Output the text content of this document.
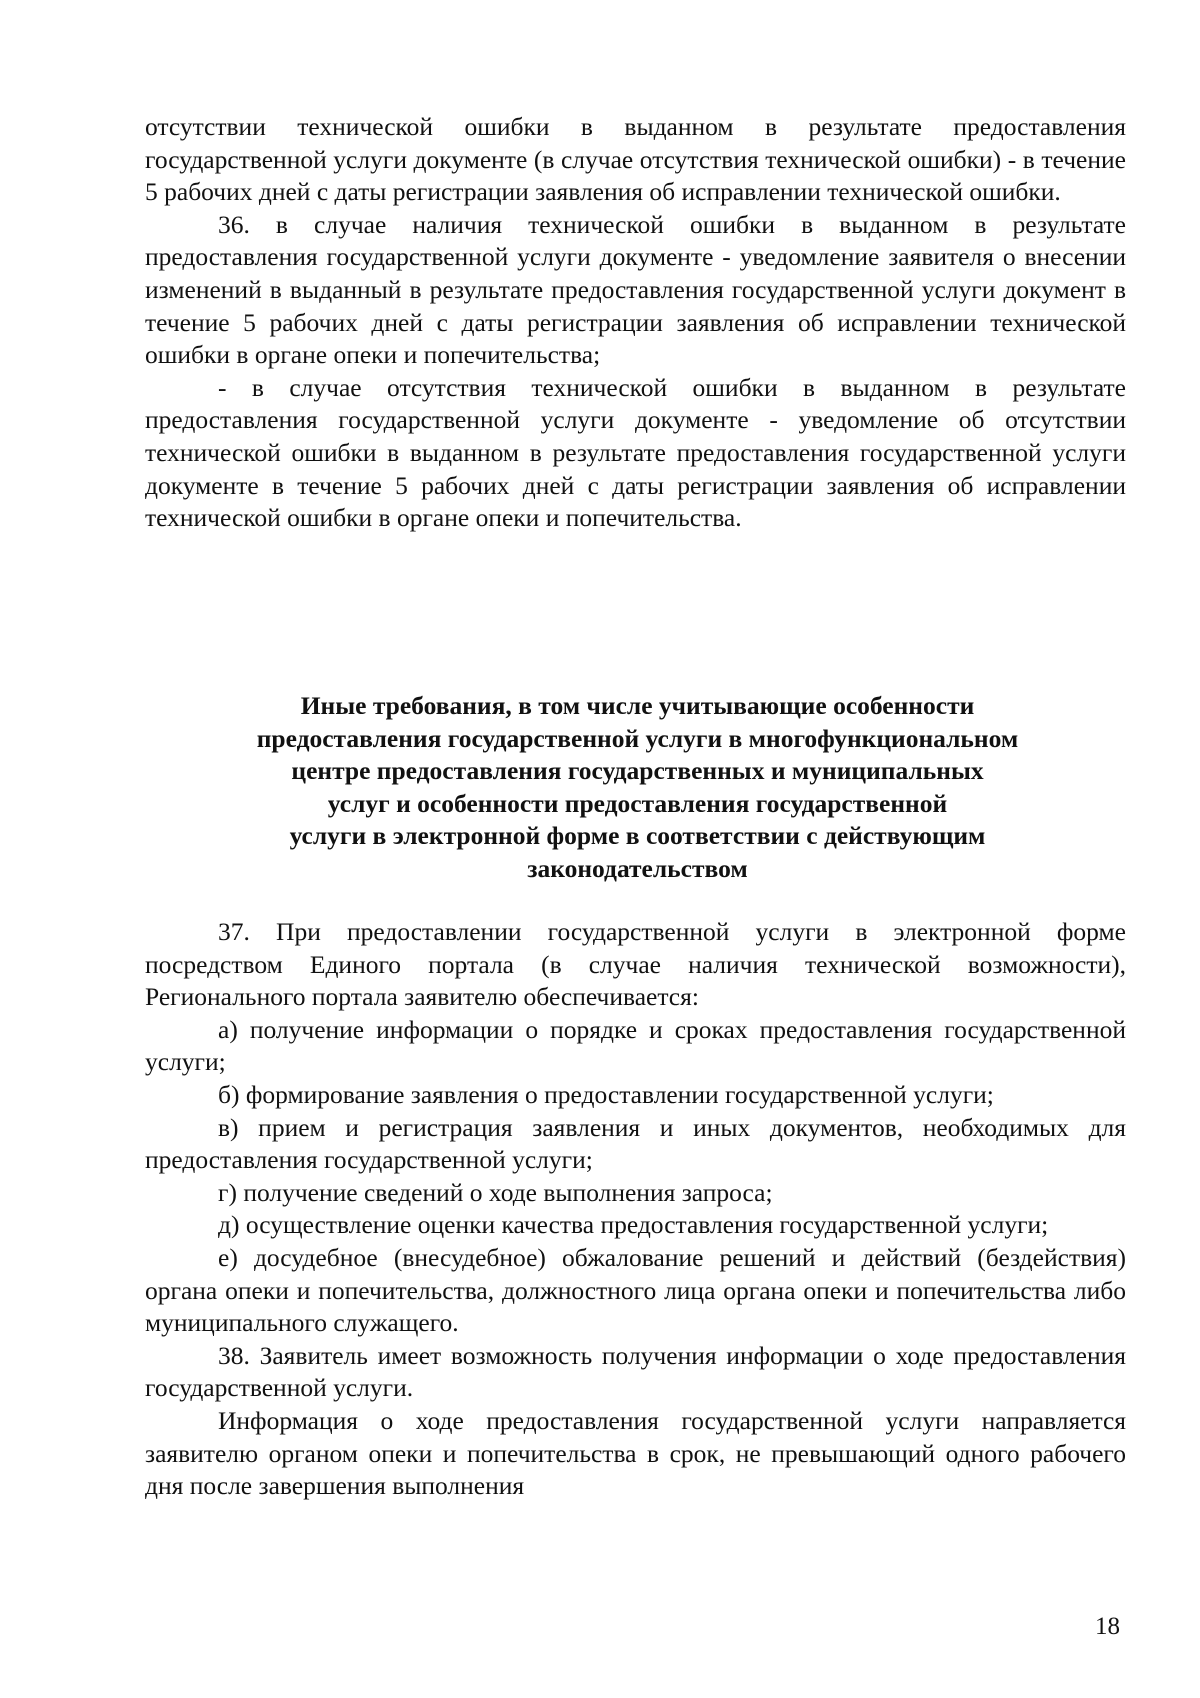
отсутствии технической ошибки в выданном в результате предоставления государственной услуги документе (в случае отсутствия технической ошибки) - в течение 5 рабочих дней с даты регистрации заявления об исправлении технической ошибки.

36. в случае наличия технической ошибки в выданном в результате предоставления государственной услуги документе - уведомление заявителя о внесении изменений в выданный в результате предоставления государственной услуги документ в течение 5 рабочих дней с даты регистрации заявления об исправлении технической ошибки в органе опеки и попечительства;

- в случае отсутствия технической ошибки в выданном в результате предоставления государственной услуги документе - уведомление об отсутствии технической ошибки в выданном в результате предоставления государственной услуги документе в течение 5 рабочих дней с даты регистрации заявления об исправлении технической ошибки в органе опеки и попечительства.

Иные требования, в том числе учитывающие особенности
предоставления государственной услуги в многофункциональном
центре предоставления государственных и муниципальных
услуг и особенности предоставления государственной
услуги в электронной форме в соответствии с действующим
законодательством

37. При предоставлении государственной услуги в электронной форме посредством Единого портала (в случае наличия технической возможности), Регионального портала заявителю обеспечивается:

а) получение информации о порядке и сроках предоставления государственной услуги;

б) формирование заявления о предоставлении государственной услуги;

в) прием и регистрация заявления и иных документов, необходимых для предоставления государственной услуги;

г) получение сведений о ходе выполнения запроса;

д) осуществление оценки качества предоставления государственной услуги;

е) досудебное (внесудебное) обжалование решений и действий (бездействия) органа опеки и попечительства, должностного лица органа опеки и попечительства либо муниципального служащего.

38. Заявитель имеет возможность получения информации о ходе предоставления государственной услуги.

Информация о ходе предоставления государственной услуги направляется заявителю органом опеки и попечительства в срок, не превышающий одного рабочего дня после завершения выполнения

18
